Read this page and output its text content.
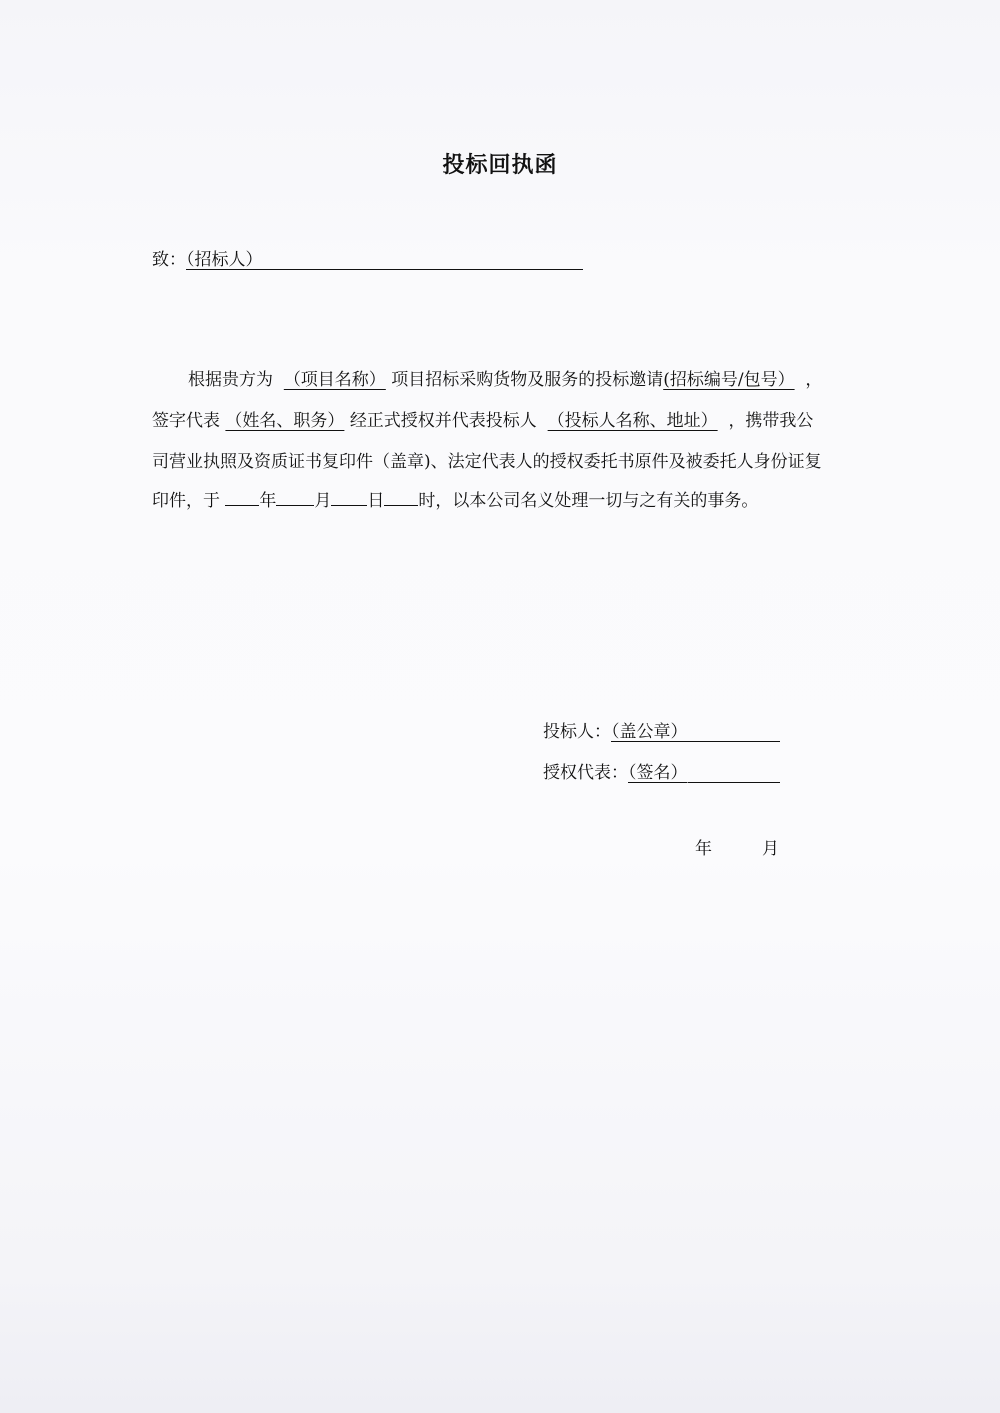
投标回执函
致：（招标人）
根据贵方为 （项目名称） 项目招标采购货物及服务的投标邀请(招标编号/包号） ，
签字代表 （姓名、职务） 经正式授权并代表投标人 （投标人名称、地址） ，携带我公
司营业执照及资质证书复印件（盖章)、法定代表人的授权委托书原件及被委托人身份证复
印件，于 年 月 日 时，以本公司名义处理一切与之有关的事务。
投标人：（盖公章）
授权代表：（签名）
年	月
